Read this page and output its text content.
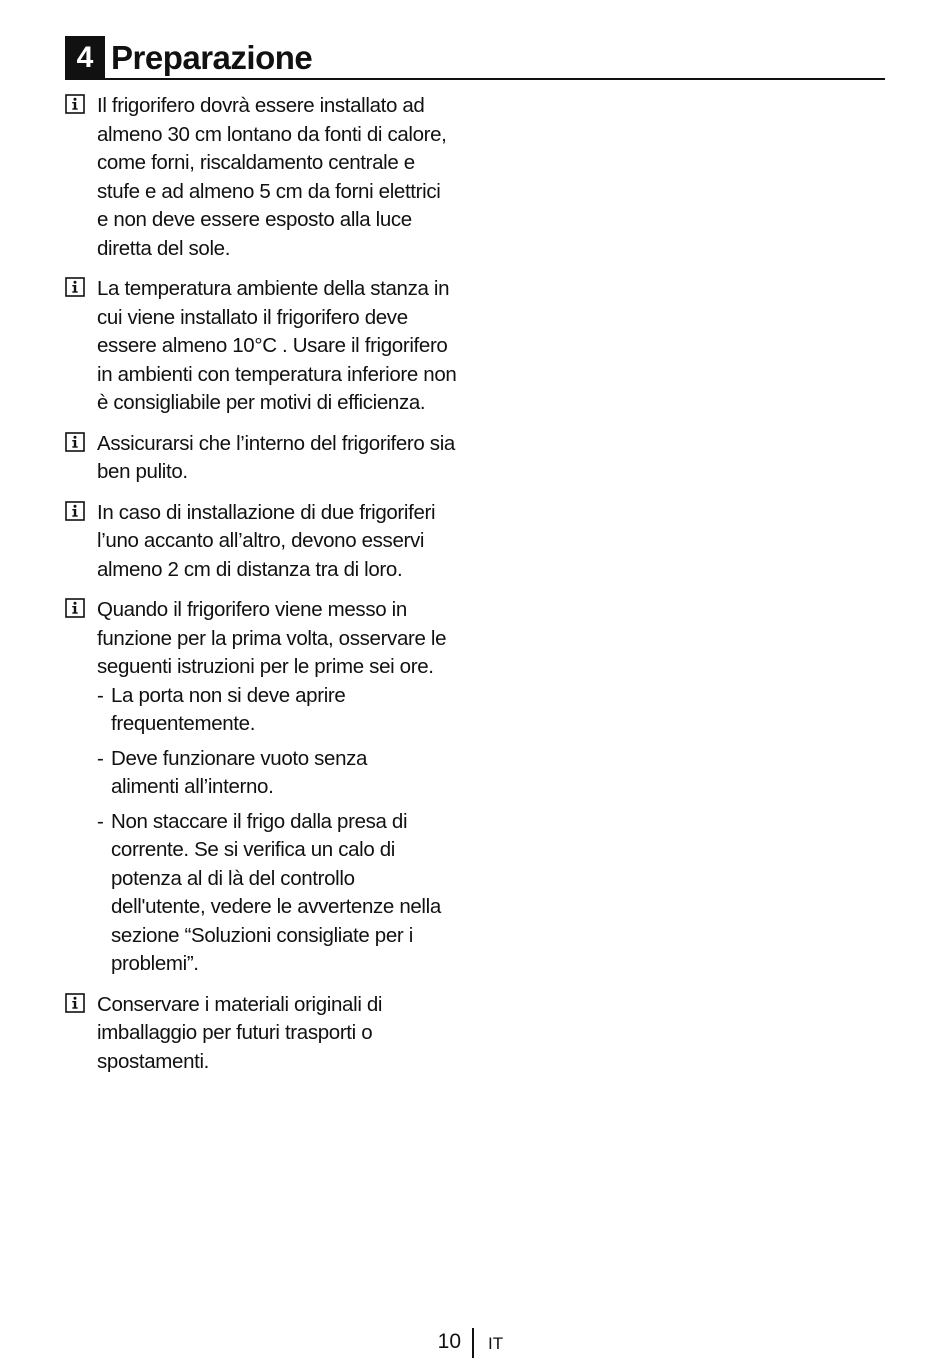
4 Preparazione

Il frigorifero dovrà essere installato ad almeno 30 cm lontano da fonti di calore, come forni, riscaldamento centrale e stufe e ad almeno 5 cm da forni elettrici e non deve essere esposto alla luce diretta del sole.

La temperatura ambiente della stanza in cui viene installato il frigorifero deve essere almeno 10°C . Usare il frigorifero in ambienti con temperatura inferiore non è consigliabile per motivi di efficienza.

Assicurarsi che l’interno del frigorifero sia ben pulito.

In caso di installazione di due frigoriferi l’uno accanto all’altro, devono esservi almeno 2 cm di distanza tra di loro.

Quando il frigorifero viene messo in funzione per la prima volta, osservare le seguenti istruzioni per le prime sei ore.

- La porta non si deve aprire frequentemente.

- Deve funzionare vuoto senza alimenti all’interno.

- Non staccare il frigo dalla presa di corrente. Se si verifica un calo di potenza al di là del controllo dell'utente, vedere le avvertenze nella sezione “Soluzioni consigliate per i problemi”.

Conservare i materiali originali di imballaggio per futuri trasporti o spostamenti.

10 IT
